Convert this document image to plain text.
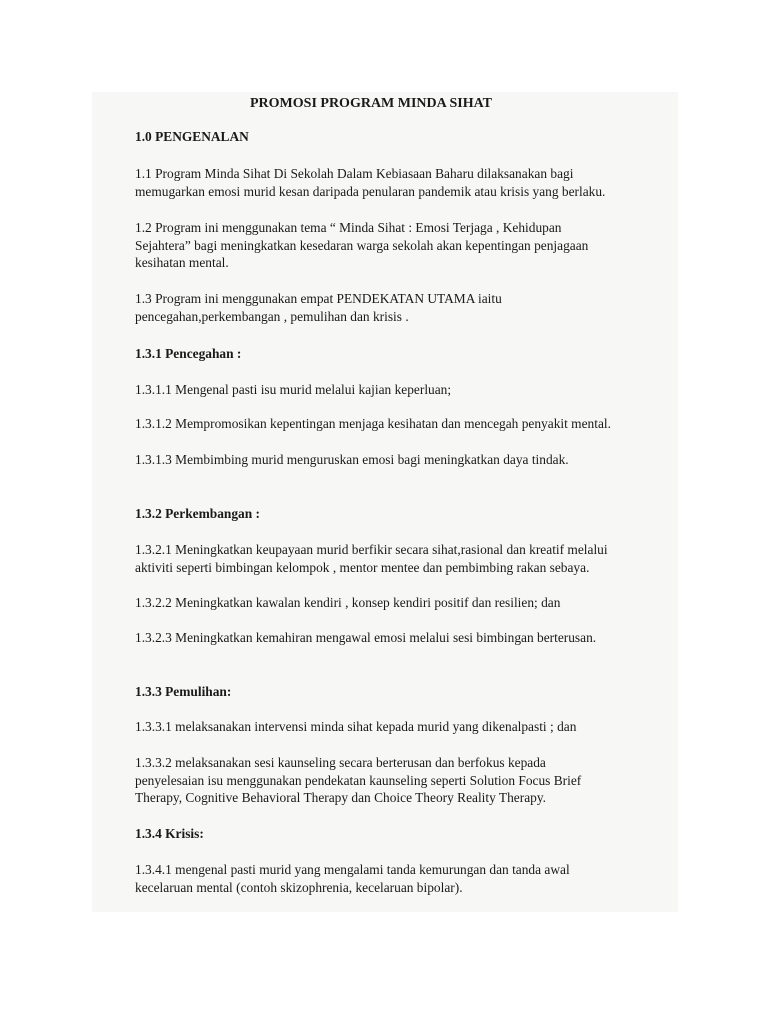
PROMOSI PROGRAM MINDA SIHAT
1.0 PENGENALAN
1.1 Program Minda Sihat Di Sekolah Dalam Kebiasaan Baharu dilaksanakan bagi
memugarkan emosi murid kesan daripada penularan pandemik atau krisis yang berlaku.
1.2 Program ini menggunakan tema “ Minda Sihat : Emosi Terjaga , Kehidupan
Sejahtera” bagi meningkatkan kesedaran warga sekolah akan kepentingan penjagaan
kesihatan mental.
1.3 Program ini menggunakan empat PENDEKATAN UTAMA iaitu
pencegahan,perkembangan , pemulihan dan krisis .
1.3.1 Pencegahan :
1.3.1.1 Mengenal pasti isu murid melalui kajian keperluan;
1.3.1.2 Mempromosikan kepentingan menjaga kesihatan dan mencegah penyakit mental.
1.3.1.3 Membimbing murid menguruskan emosi bagi meningkatkan daya tindak.
1.3.2 Perkembangan :
1.3.2.1 Meningkatkan keupayaan murid berfikir secara sihat,rasional dan kreatif melalui
aktiviti seperti bimbingan kelompok , mentor mentee dan pembimbing rakan sebaya.
1.3.2.2 Meningkatkan kawalan kendiri , konsep kendiri positif dan resilien; dan
1.3.2.3 Meningkatkan kemahiran mengawal emosi melalui sesi bimbingan berterusan.
1.3.3 Pemulihan:
1.3.3.1 melaksanakan intervensi minda sihat kepada murid yang dikenalpasti ; dan
1.3.3.2 melaksanakan sesi kaunseling secara berterusan dan berfokus kepada
penyelesaian isu menggunakan pendekatan kaunseling seperti Solution Focus Brief
Therapy, Cognitive Behavioral Therapy dan Choice Theory Reality Therapy.
1.3.4 Krisis:
1.3.4.1 mengenal pasti murid yang mengalami tanda kemurungan dan tanda awal
kecelaruan mental (contoh skizophrenia, kecelaruan bipolar).
